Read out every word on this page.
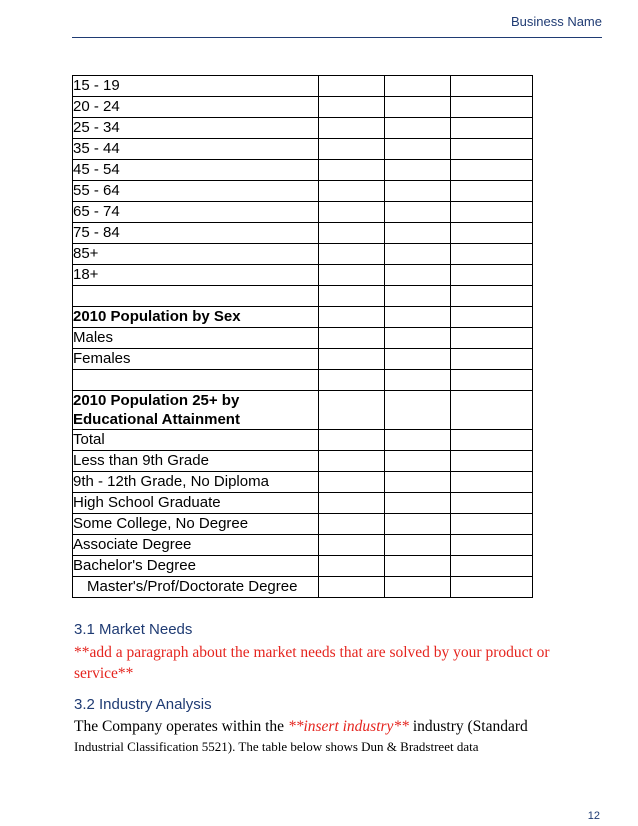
Business Name
15 - 19			
20 - 24			
25 - 34			
35 - 44			
45 - 54			
55 - 64			
65 - 74			
75 - 84			
85+			
18+			

2010 Population by Sex			
Males			
Females			

2010 Population 25+ by Educational Attainment			
Total			
Less than 9th Grade			
9th - 12th Grade, No Diploma			
High School Graduate			
Some College, No Degree			
Associate Degree			
Bachelor's Degree			
Master's/Prof/Doctorate Degree			
3.1 Market Needs
**add a paragraph about the market needs that are solved by your product or service**
3.2 Industry Analysis
The Company operates within the **insert industry** industry (Standard
Industrial Classification 5521). The table below shows Dun & Bradstreet data
12
